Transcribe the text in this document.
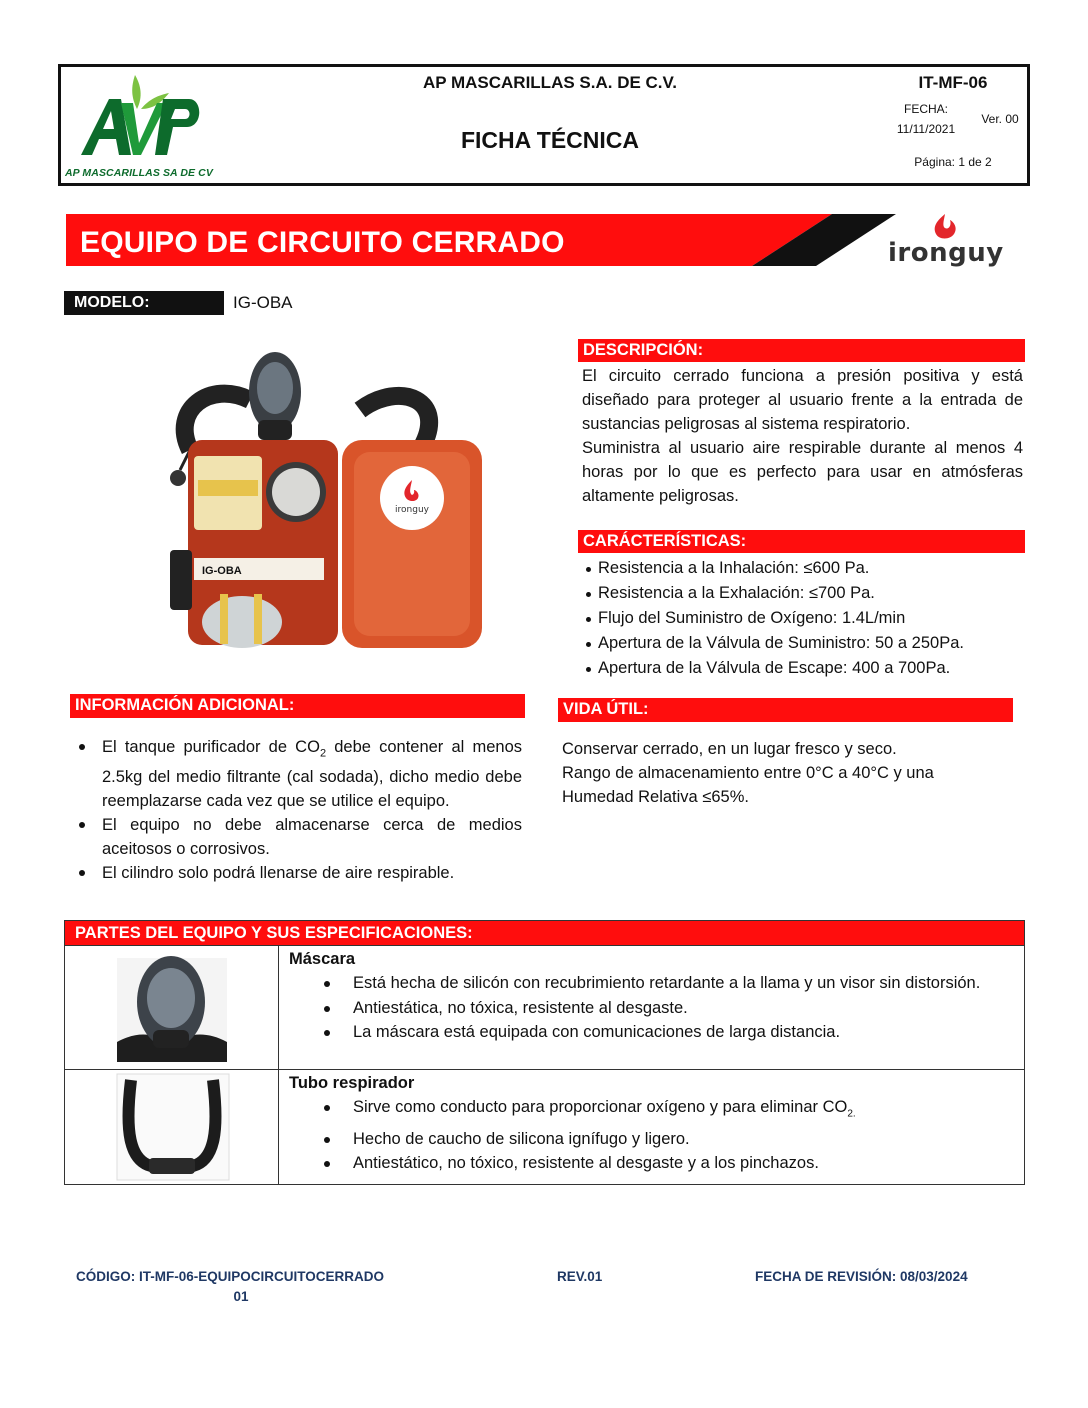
AP MASCARILLAS SA DE CV
AP MASCARILLAS S.A. DE C.V.
FICHA TÉCNICA
IT-MF-06
FECHA:
11/11/2021
Ver. 00
Página: 1 de 2
EQUIPO DE CIRCUITO CERRADO	ironguy
MODELO:	IG-OBA
IG-OBA
ironguy
DESCRIPCIÓN:

El circuito cerrado funciona a presión positiva y está diseñado para proteger al usuario frente a la entrada de sustancias peligrosas al sistema respiratorio.

Suministra al usuario aire respirable durante al menos 4 horas por lo que es perfecto para usar en atmósferas altamente peligrosas.

CARÁCTERÍSTICAS:
Resistencia a la Inhalación: ≤600 Pa.
Resistencia a la Exhalación: ≤700 Pa.
Flujo del Suministro de Oxígeno: 1.4L/min
Apertura de la Válvula de Suministro: 50 a 250Pa.
Apertura de la Válvula de Escape: 400 a 700Pa.
INFORMACIÓN ADICIONAL:
El tanque purificador de $CO_2$ debe contener al menos 2.5kg del medio filtrante (cal sodada), dicho medio debe reemplazarse cada vez que se utilice el equipo.
El equipo no debe almacenarse cerca de medios aceitosos o corrosivos.
El cilindro solo podrá llenarse de aire respirable.
VIDA ÚTIL:
Conservar cerrado, en un lugar fresco y seco.
Rango de almacenamiento entre 0°C a 40°C y una
Humedad Relativa ≤65%.
PARTES DEL EQUIPO Y SUS ESPECIFICACIONES:
Máscara
Está hecha de silicón con recubrimiento retardante a la llama y un visor sin distorsión.
Antiestática, no tóxica, resistente al desgaste.
La máscara está equipada con comunicaciones de larga distancia.
Tubo respirador
Sirve como conducto para proporcionar oxígeno y para eliminar $CO_{2.}$
Hecho de caucho de silicona ignífugo y ligero.
Antiestático, no tóxico, resistente al desgaste y a los pinchazos.
CÓDIGO: IT-MF-06-EQUIPOCIRCUITOCERRADO
01
REV.01	FECHA DE REVISIÓN: 08/03/2024
